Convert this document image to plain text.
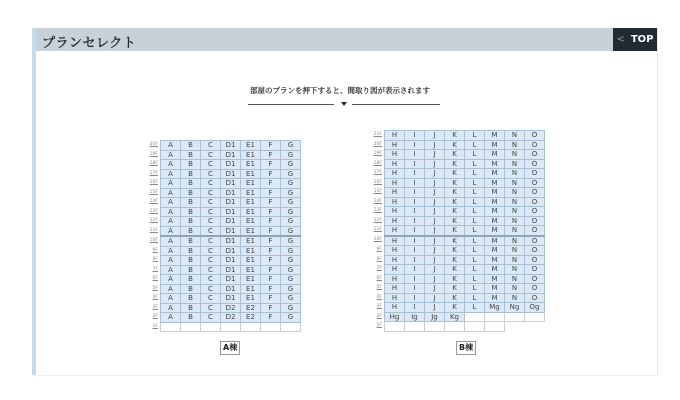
プランセレクト	< TOP
部屋のプランを押下すると、間取り図が表示されます
20F	A	B	C	D1	E1	F	G
19F	A	B	C	D1	E1	F	G
18F	A	B	C	D1	E1	F	G
17F	A	B	C	D1	E1	F	G
16F	A	B	C	D1	E1	F	G
15F	A	B	C	D1	E1	F	G
14F	A	B	C	D1	E1	F	G
13F	A	B	C	D1	E1	F	G
12F	A	B	C	D1	E1	F	G
11F	A	B	C	D1	E1	F	G
10F	A	B	C	D1	E1	F	G
9F	A	B	C	D1	E1	F	G
8F	A	B	C	D1	E1	F	G
7F	A	B	C	D1	E1	F	G
6F	A	B	C	D1	E1	F	G
5F	A	B	C	D1	E1	F	G
4F	A	B	C	D1	E1	F	G
3F	A	B	C	D2	E2	F	G
2F	A	B	C	D2	E2	F	G
1F							
A棟
21F	H	I	J	K	L	M	N	O
20F	H	I	J	K	L	M	N	O
19F	H	I	J	K	L	M	N	O
18F	H	I	J	K	L	M	N	O
17F	H	I	J	K	L	M	N	O
16F	H	I	J	K	L	M	N	O
15F	H	I	J	K	L	M	N	O
14F	H	I	J	K	L	M	N	O
13F	H	I	J	K	L	M	N	O
12F	H	I	J	K	L	M	N	O
11F	H	I	J	K	L	M	N	O
10F	H	I	J	K	L	M	N	O
9F	H	I	J	K	L	M	N	O
8F	H	I	J	K	L	M	N	O
7F	H	I	J	K	L	M	N	O
6F	H	I	J	K	L	M	N	O
5F	H	I	J	K	L	M	N	O
4F	H	I	J	K	L	M	N	O
3F	H	I	J	K	L	Mg	Ng	Og
2F	Hg	Ig	Jg	Kg				
1F								
B棟
